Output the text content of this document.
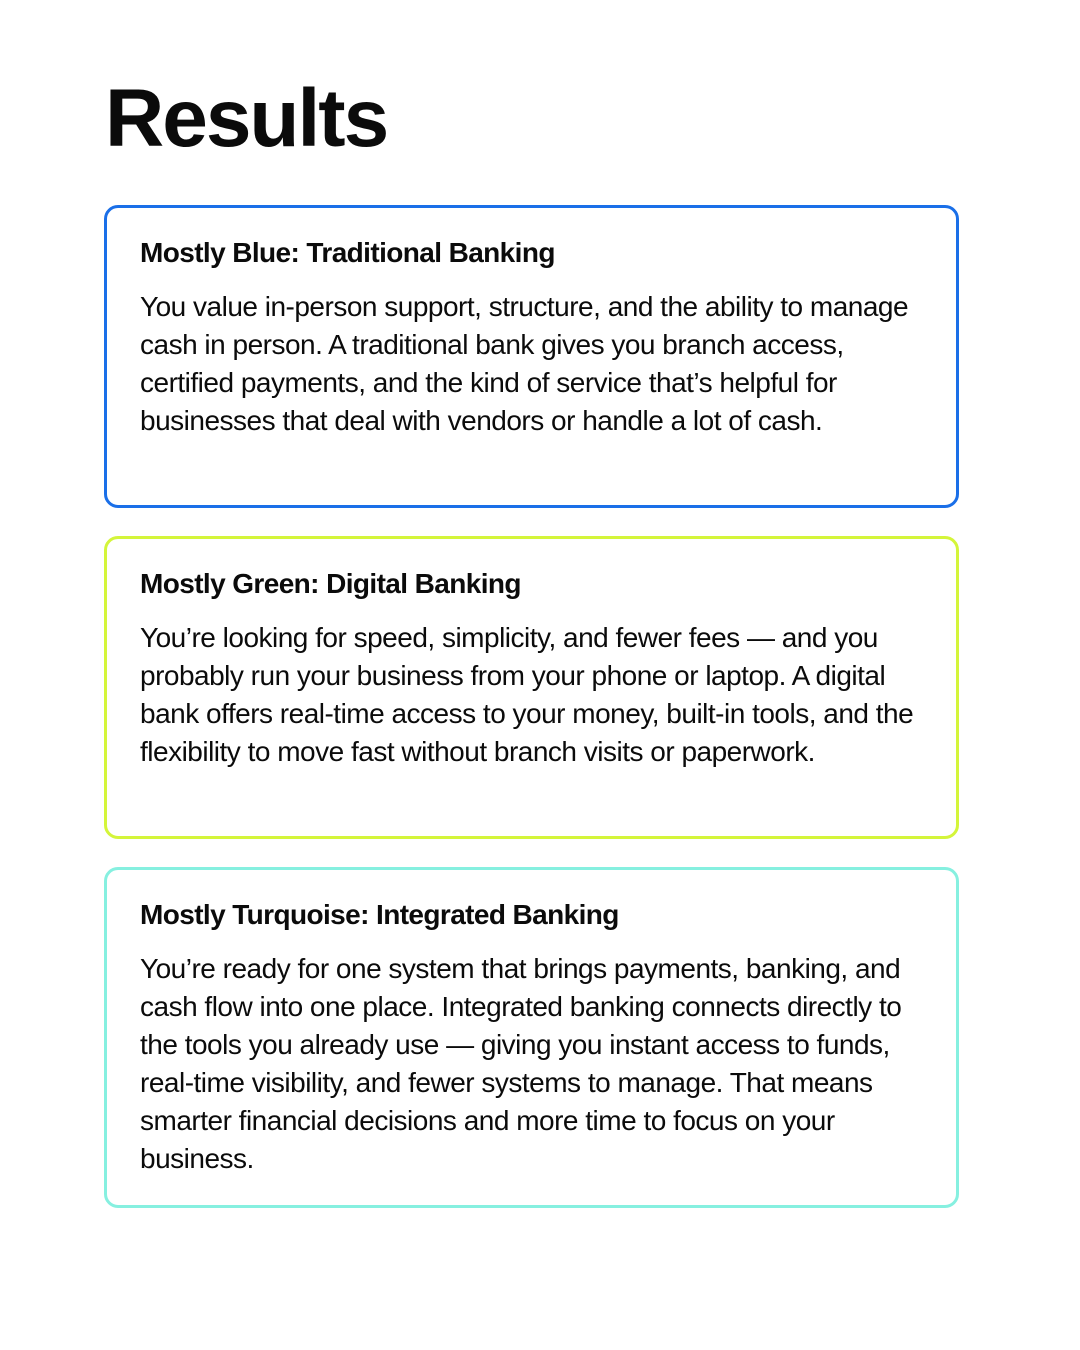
Results
Mostly Blue: Traditional Banking

You value in-person support, structure, and the ability to manage cash in person. A traditional bank gives you branch access, certified payments, and the kind of service that’s helpful for businesses that deal with vendors or handle a lot of cash.

Mostly Green: Digital Banking

You’re looking for speed, simplicity, and fewer fees — and you probably run your business from your phone or laptop. A digital bank offers real-time access to your money, built-in tools, and the flexibility to move fast without branch visits or paperwork.

Mostly Turquoise: Integrated Banking

You’re ready for one system that brings payments, banking, and cash flow into one place. Integrated banking connects directly to the tools you already use — giving you instant access to funds, real-time visibility, and fewer systems to manage. That means smarter financial decisions and more time to focus on your business.
